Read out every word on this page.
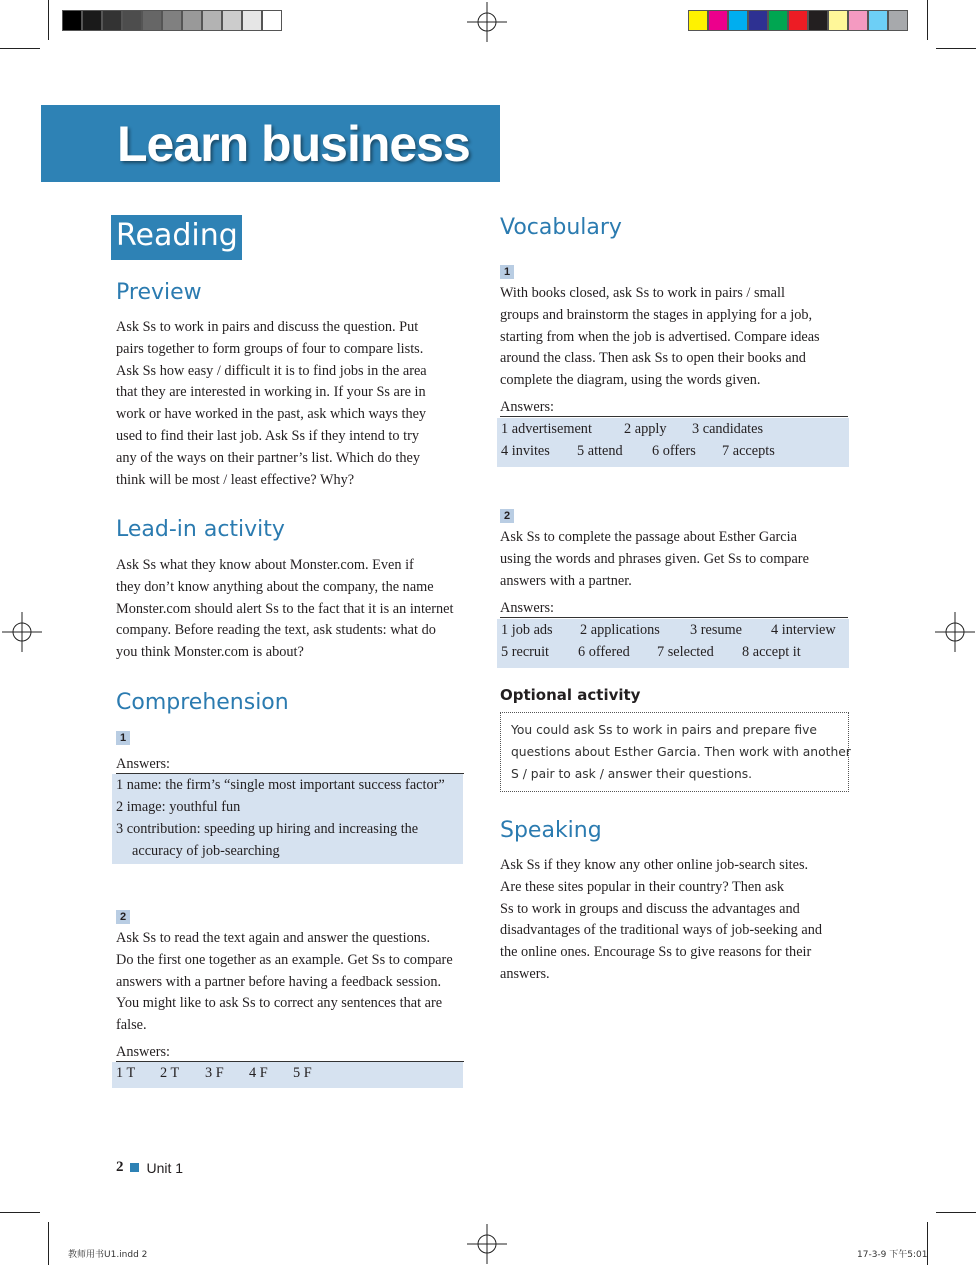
Learn business
Reading
Preview

Ask Ss to work in pairs and discuss the question. Put
pairs together to form groups of four to compare lists.
Ask Ss how easy / difficult it is to find jobs in the area
that they are interested in working in. If your Ss are in
work or have worked in the past, ask which ways they
used to find their last job. Ask Ss if they intend to try
any of the ways on their partner’s list. Which do they
think will be most / least effective? Why?

Lead-in activity

Ask Ss what they know about Monster.com. Even if
they don’t know anything about the company, the name
Monster.com should alert Ss to the fact that it is an internet
company. Before reading the text, ask students: what do
you think Monster.com is about?

Comprehension
1
Answers:
1 name: the firm’s “single most important success factor”
2 image: youthful fun
3 contribution: speeding up hiring and increasing the
accuracy of job-searching
2

Ask Ss to read the text again and answer the questions.
Do the first one together as an example. Get Ss to compare
answers with a partner before having a feedback session.
You might like to ask Ss to correct any sentences that are
false.

Answers:
1 T 2 T 3 F 4 F 5 F
Vocabulary
1

With books closed, ask Ss to work in pairs / small
groups and brainstorm the stages in applying for a job,
starting from when the job is advertised. Compare ideas
around the class. Then ask Ss to open their books and
complete the diagram, using the words given.

Answers:
1 advertisement 2 apply 3 candidates
4 invites 5 attend 6 offers 7 accepts
2

Ask Ss to complete the passage about Esther Garcia
using the words and phrases given. Get Ss to compare
answers with a partner.

Answers:
1 job ads 2 applications 3 resume 4 interview
5 recruit 6 offered 7 selected 8 accept it
Optional activity
You could ask Ss to work in pairs and prepare five
questions about Esther Garcia. Then work with another
S / pair to ask / answer their questions.
Speaking

Ask Ss if they know any other online job-search sites.
Are these sites popular in their country? Then ask
Ss to work in groups and discuss the advantages and
disadvantages of the traditional ways of job-seeking and
the online ones. Encourage Ss to give reasons for their
answers.

2 Unit 1
教师用书U1.indd 2	17-3-9 下午5:01
